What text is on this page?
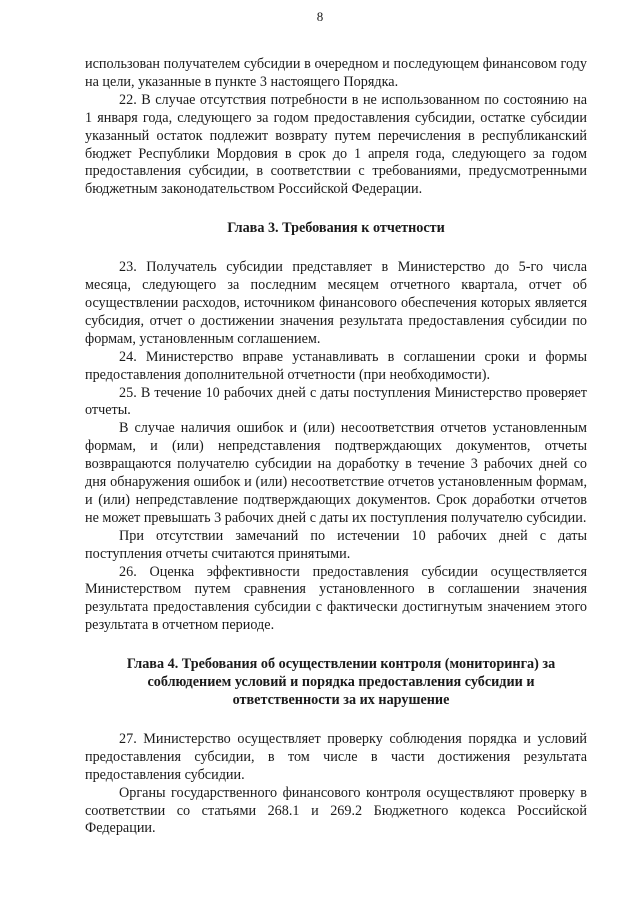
8

использован получателем субсидии в очередном и последующем финансовом году на цели, указанные в пункте 3 настоящего Порядка.

22. В случае отсутствия потребности в не использованном по состоянию на 1 января года, следующего за годом предоставления субсидии, остатке субсидии указанный остаток подлежит возврату путем перечисления в республиканский бюджет Республики Мордовия в срок до 1 апреля года, следующего за годом предоставления субсидии, в соответствии с требованиями, предусмотренными бюджетным законодательством Российской Федерации.

Глава 3. Требования к отчетности

23. Получатель субсидии представляет в Министерство до 5-го числа месяца, следующего за последним месяцем отчетного квартала, отчет об осуществлении расходов, источником финансового обеспечения которых является субсидия, отчет о достижении значения результата предоставления субсидии по формам, установленным соглашением.

24. Министерство вправе устанавливать в соглашении сроки и формы предоставления дополнительной отчетности (при необходимости).

25. В течение 10 рабочих дней с даты поступления Министерство проверяет отчеты.

В случае наличия ошибок и (или) несоответствия отчетов установленным формам, и (или) непредставления подтверждающих документов, отчеты возвращаются получателю субсидии на доработку в течение 3 рабочих дней со дня обнаружения ошибок и (или) несоответствие отчетов установленным формам, и (или) непредставление подтверждающих документов. Срок доработки отчетов не может превышать 3 рабочих дней с даты их поступления получателю субсидии.

При отсутствии замечаний по истечении 10 рабочих дней с даты поступления отчеты считаются принятыми.

26. Оценка эффективности предоставления субсидии осуществляется Министерством путем сравнения установленного в соглашении значения результата предоставления субсидии с фактически достигнутым значением этого результата в отчетном периоде.

Глава 4. Требования об осуществлении контроля (мониторинга) за
соблюдением условий и порядка предоставления субсидии и
ответственности за их нарушение

27. Министерство осуществляет проверку соблюдения порядка и условий предоставления субсидии, в том числе в части достижения результата предоставления субсидии.

Органы государственного финансового контроля осуществляют проверку в соответствии со статьями 268.1 и 269.2 Бюджетного кодекса Российской Федерации.
